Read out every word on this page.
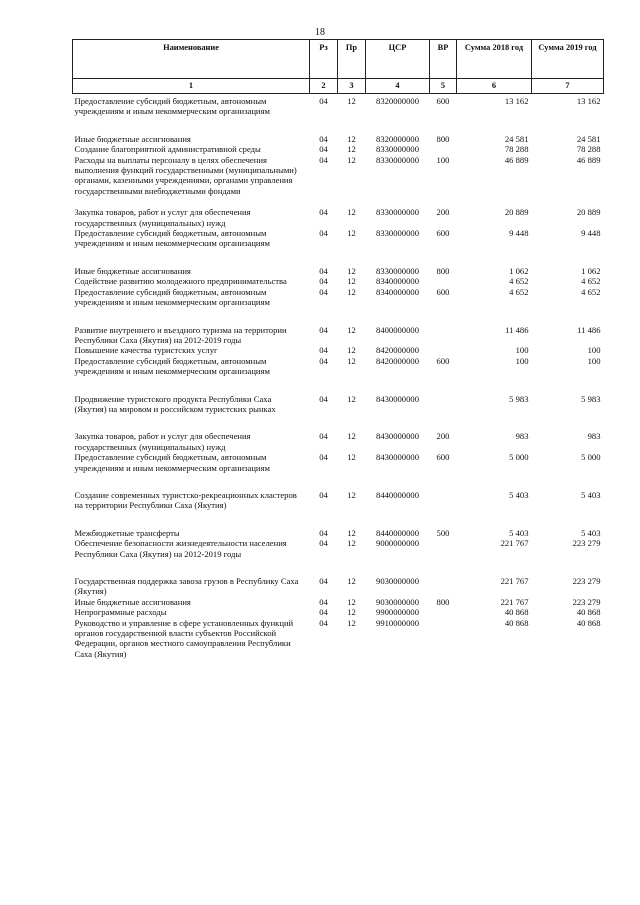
18
Наименование	Рз	Пр	ЦСР	ВР	Сумма 2018 год	Сумма 2019 год
1	2	3	4	5	6	7
Предоставление субсидий бюджетным, автономным учреждениям и иным некоммерческим организациям	04	12	8320000000	600	13 162	13 162

Иные бюджетные ассигнования	04	12	8320000000	800	24 581	24 581
Создание благоприятной административной среды	04	12	8330000000		78 288	78 288
Расходы на выплаты персоналу в целях обеспечения выполнения функций государственными (муниципальными) органами, казенными учреждениями, органами управления государственными внебюджетными фондами	04	12	8330000000	100	46 889	46 889

Закупка товаров, работ и услуг для обеспечения государственных (муниципальных) нужд	04	12	8330000000	200	20 889	20 889
Предоставление субсидий бюджетным, автономным учреждениям и иным некоммерческим организациям	04	12	8330000000	600	9 448	9 448

Иные бюджетные ассигнования	04	12	8330000000	800	1 062	1 062
Содействие развитию молодежного предпринимательства	04	12	8340000000		4 652	4 652
Предоставление субсидий бюджетным, автономным учреждениям и иным некоммерческим организациям	04	12	8340000000	600	4 652	4 652

Развитие внутреннего и въездного туризма на территории Республики Саха (Якутия) на 2012-2019 годы	04	12	8400000000		11 486	11 486
Повышение качества туристских услуг	04	12	8420000000		100	100
Предоставление субсидий бюджетным, автономным учреждениям и иным некоммерческим организациям	04	12	8420000000	600	100	100

Продвижение туристского продукта Республики Саха (Якутия) на мировом и российском туристских рынках	04	12	8430000000		5 983	5 983

Закупка товаров, работ и услуг для обеспечения государственных (муниципальных) нужд	04	12	8430000000	200	983	983
Предоставление субсидий бюджетным, автономным учреждениям и иным некоммерческим организациям	04	12	8430000000	600	5 000	5 000

Создание современных туристско-рекреационных кластеров на территории Республики Саха (Якутия)	04	12	8440000000		5 403	5 403

Межбюджетные трансферты	04	12	8440000000	500	5 403	5 403
Обеспечение безопасности жизнедеятельности населения Республики Саха (Якутия) на 2012-2019 годы	04	12	9000000000		221 767	223 279

Государственная поддержка завоза грузов в Республику Саха (Якутия)	04	12	9030000000		221 767	223 279
Иные бюджетные ассигнования	04	12	9030000000	800	221 767	223 279
Непрограммные расходы	04	12	9900000000		40 868	40 868
Руководство и управление в сфере установленных функций органов государственной власти субъектов Российской Федерации, органов местного самоуправления Республики Саха (Якутия)	04	12	9910000000		40 868	40 868
